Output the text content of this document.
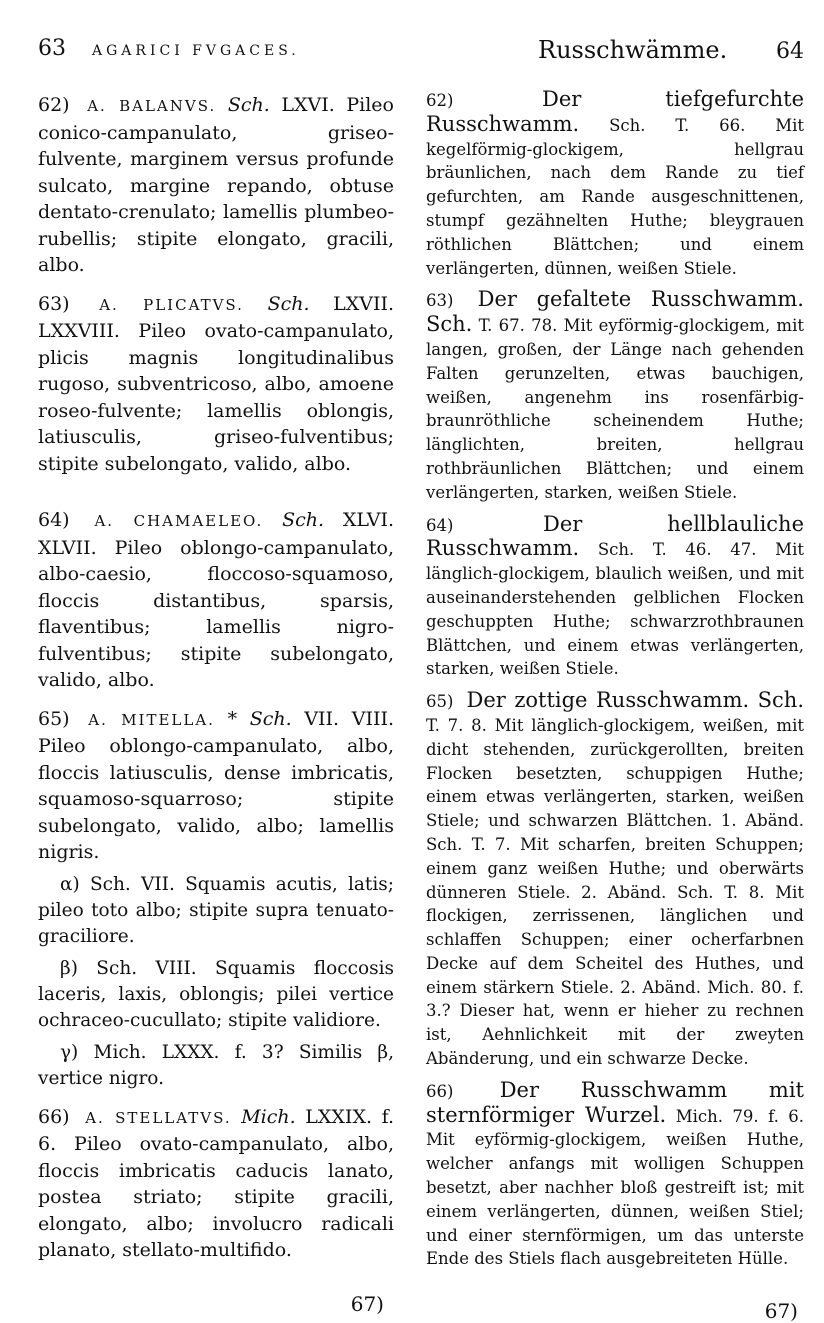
63 AGARICI FVGACES.
62) A. BALANVS. Sch. LXVI. Pileo conico-campanulato, griseo-fulvente, marginem versus profunde sulcato, margine repando, obtuse dentato-crenulato; lamellis plumbeo-rubellis; stipite elongato, gracili, albo.
63) A. PLICATVS. Sch. LXVII. LXXVIII. Pileo ovato-campanulato, plicis magnis longitudinalibus rugoso, subventricoso, albo, amoene roseo-fulvente; lamellis oblongis, latiusculis, griseo-fulventibus; stipite subelongato, valido, albo.
64) A. CHAMAELEO. Sch. XLVI. XLVII. Pileo oblongo-campanulato, albo-caesio, floccoso-squamoso, floccis distantibus, sparsis, flaventibus; lamellis nigro-fulventibus; stipite subelongato, valido, albo.
65) A. MITELLA. * Sch. VII. VIII. Pileo oblongo-campanulato, albo, floccis latiusculis, dense imbricatis, squamoso-squarroso; stipite subelongato, valido, albo; lamellis nigris.
α) Sch. VII. Squamis acutis, latis; pileo toto albo; stipite supra tenuato-graciliore.
β) Sch. VIII. Squamis floccosis laceris, laxis, oblongis; pilei vertice ochraceo-cucullato; stipite validiore.
γ) Mich. LXXX. f. 3? Similis β, vertice nigro.
66) A. STELLATVS. Mich. LXXIX. f. 6. Pileo ovato-campanulato, albo, floccis imbricatis caducis lanato, postea striato; stipite gracili, elongato, albo; involucro radicali planato, stellato-multifido.
67)
Russchwämme. 64
62)	Der tiefgefurchte Russchwamm. Sch. T. 66. Mit kegelförmig-glockigem, hellgrau bräunlichen, nach dem Rande zu tief gefurchten, am Rande ausgeschnittenen, stumpf gezähnelten Huthe; bleygrauen röthlichen Blättchen; und einem verlängerten, dünnen, weißen Stiele.
63) Der gefaltete Russchwamm. Sch. T. 67. 78. Mit eyförmig-glockigem, mit langen, großen, der Länge nach gehenden Falten gerunzelten, etwas bauchigen, weißen, angenehm ins rosenfärbig-braunröthliche scheinendem Huthe; länglichten, breiten, hellgrau rothbräunlichen Blättchen; und einem verlängerten, starken, weißen Stiele.
64)	Der hellblauliche Russchwamm. Sch. T. 46. 47. Mit länglich-glockigem, blaulich weißen, und mit auseinanderstehenden gelblichen Flocken geschuppten Huthe; schwarzrothbraunen Blättchen, und einem etwas verlängerten, starken, weißen Stiele.
65) Der zottige Russchwamm. Sch. T. 7. 8. Mit länglich-glockigem, weißen, mit dicht stehenden, zurückgerollten, breiten Flocken besetzten, schuppigen Huthe; einem etwas verlängerten, starken, weißen Stiele; und schwarzen Blättchen. 1. Abänd. Sch. T. 7. Mit scharfen, breiten Schuppen; einem ganz weißen Huthe; und oberwärts dünneren Stiele. 2. Abänd. Sch. T. 8. Mit flockigen, zerrissenen, länglichen und schlaffen Schuppen; einer ocherfarbnen Decke auf dem Scheitel des Huthes, und einem stärkern Stiele. 2. Abänd. Mich. 80. f. 3.? Dieser hat, wenn er hieher zu rechnen ist, Aehnlichkeit mit der zweyten Abänderung, und ein schwarze Decke.
66) Der Russchwamm mit sternförmiger Wurzel. Mich. 79. f. 6. Mit eyförmig-glockigem, weißen Huthe, welcher anfangs mit wolligen Schuppen besetzt, aber nachher bloß gestreift ist; mit einem verlängerten, dünnen, weißen Stiel; und einer sternförmigen, um das unterste Ende des Stiels flach ausgebreiteten Hülle.
67)
